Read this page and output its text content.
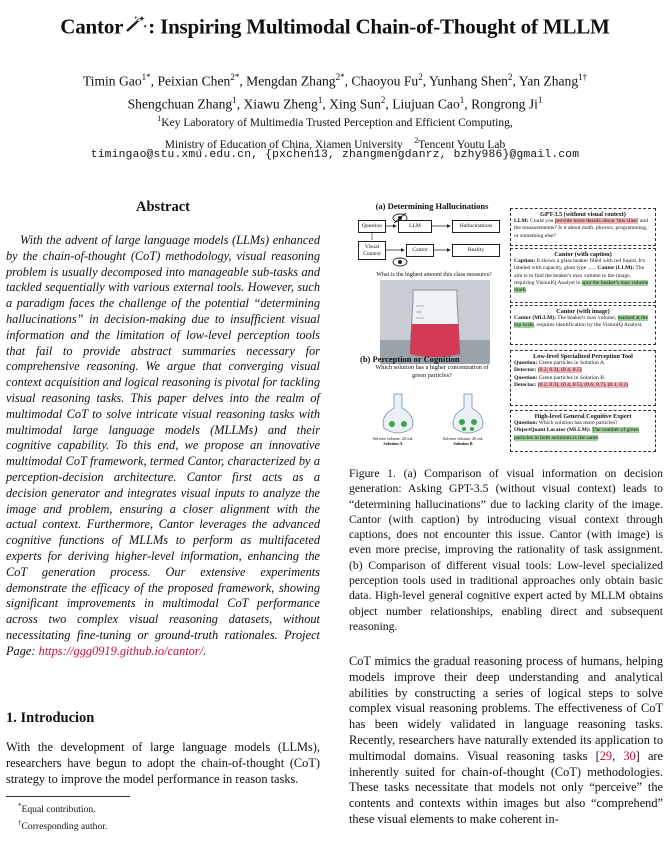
Cantor ✦
✦
✦ : Inspiring Multimodal Chain-of-Thought of MLLM
Timin Gao$^{1*}$, Peixian Chen$^{2*}$, Mengdan Zhang$^{2*}$, Chaoyou Fu$^2$, Yunhang Shen$^2$, Yan Zhang$^{1\dagger}$
Shengchuan Zhang$^1$, Xiawu Zheng$^1$, Xing Sun$^2$, Liujuan Cao$^1$, Rongrong Ji$^1$
$^1$Key Laboratory of Multimedia Trusted Perception and Efficient Computing,
Ministry of Education of China, Xiamen University $^2$Tencent Youtu Lab
timingao@stu.xmu.edu.cn, {pxchen13, zhangmengdanrz, bzhy986}@gmail.com
Abstract

With the advent of large language models (LLMs) enhanced by the chain-of-thought (CoT) methodology, visual reasoning problem is usually decomposed into manageable sub-tasks and tackled sequentially with various external tools. However, such a paradigm faces the challenge of the potential “determining hallucinations” in decision-making due to insufficient visual information and the limitation of low-level perception tools that fail to provide abstract summaries necessary for comprehensive reasoning. We argue that converging visual context acquisition and logical reasoning is pivotal for tackling visual reasoning tasks. This paper delves into the realm of multimodal CoT to solve intricate visual reasoning tasks with multimodal large language models (MLLMs) and their cognitive capability. To this end, we propose an innovative multimodal CoT framework, termed Cantor, characterized by a perception-decision architecture. Cantor first acts as a decision generator and integrates visual inputs to analyze the image and problem, ensuring a closer alignment with the actual context. Furthermore, Cantor leverages the advanced cognitive functions of MLLMs to perform as multifaceted experts for deriving higher-level information, enhancing the CoT generation process. Our extensive experiments demonstrate the efficacy of the proposed framework, showing significant improvements in multimodal CoT performance across two complex visual reasoning datasets, without necessitating fine-tuning or ground-truth rationales. Project Page: https://ggg0919.github.io/cantor/.

1. Introducion
With the development of large language models (LLMs), researchers have begun to adopt the chain-of-thought (CoT) strategy to improve the model performance in reason tasks.
*Equal contribution.
†Corresponding author.
(a) Determining Hallucinations
Question	LLM	Hallucinations
Visual Context
Cantor	Reality
What is the highest amount this class measures?
(b) Perception or Cognition
Which solution has a higher concentration of green particles?
Solvent volume: 20 mL
Solution A
Solvent volume: 20 mL
Solution B
GPT-3.5 (without visual context)
LLM: Could you provide more details about 'this class' and the measurements? Is it about math, physics, programming, or something else?
Cantor (with caption)
Caption: It shows a glass beaker filled with red liquid. It's labeled with capacity, glass type ...... Cantor (LLM): The aim is to find the beaker's max volume in the image, requiring VisionIQ Analyst to spot the beaker's max volume mark.
Cantor (with image)
Cantor (MLLM): The beaker's max volume, marked at the top scale, requires identification by the VisionIQ Analyst.
Low-level Specialized Perception Tool
Question: Green particles in Solution A.
Detector: (0.2, 0.3), (0.4, 0.5)
Question: Green particles in Solution B.
Detector: (0.2, 0.3), (0.4, 0.5), (0.6, 0.7), (0.1, 0.2)
High-level General Cognitive Expert
Question: Which solution has more particles?
ObjectQuant Locator (MLLM): The number of green particles in both solutions is the same.
Figure 1. (a) Comparison of visual information on decision generation: Asking GPT-3.5 (without visual context) leads to “determining hallucinations” due to lacking clarity of the image. Cantor (with caption) by introducing visual context through captions, does not encounter this issue. Cantor (with image) is even more precise, improving the rationality of task assignment. (b) Comparison of different visual tools: Low-level specialized perception tools used in traditional approaches only obtain basic data. High-level general cognitive expert acted by MLLM obtains object number relationships, enabling direct and subsequent reasoning.
CoT mimics the gradual reasoning process of humans, helping models improve their deep understanding and analytical abilities by constructing a series of logical steps to solve complex visual reasoning problems. The effectiveness of CoT has been widely validated in language reasoning tasks. Recently, researchers have naturally extended its application to multimodal domains. Visual reasoning tasks [29, 30] are inherently suited for chain-of-thought (CoT) methodologies. These tasks necessitate that models not only “perceive” the contents and contexts within images but also “comprehend” these visual elements to make coherent in-
